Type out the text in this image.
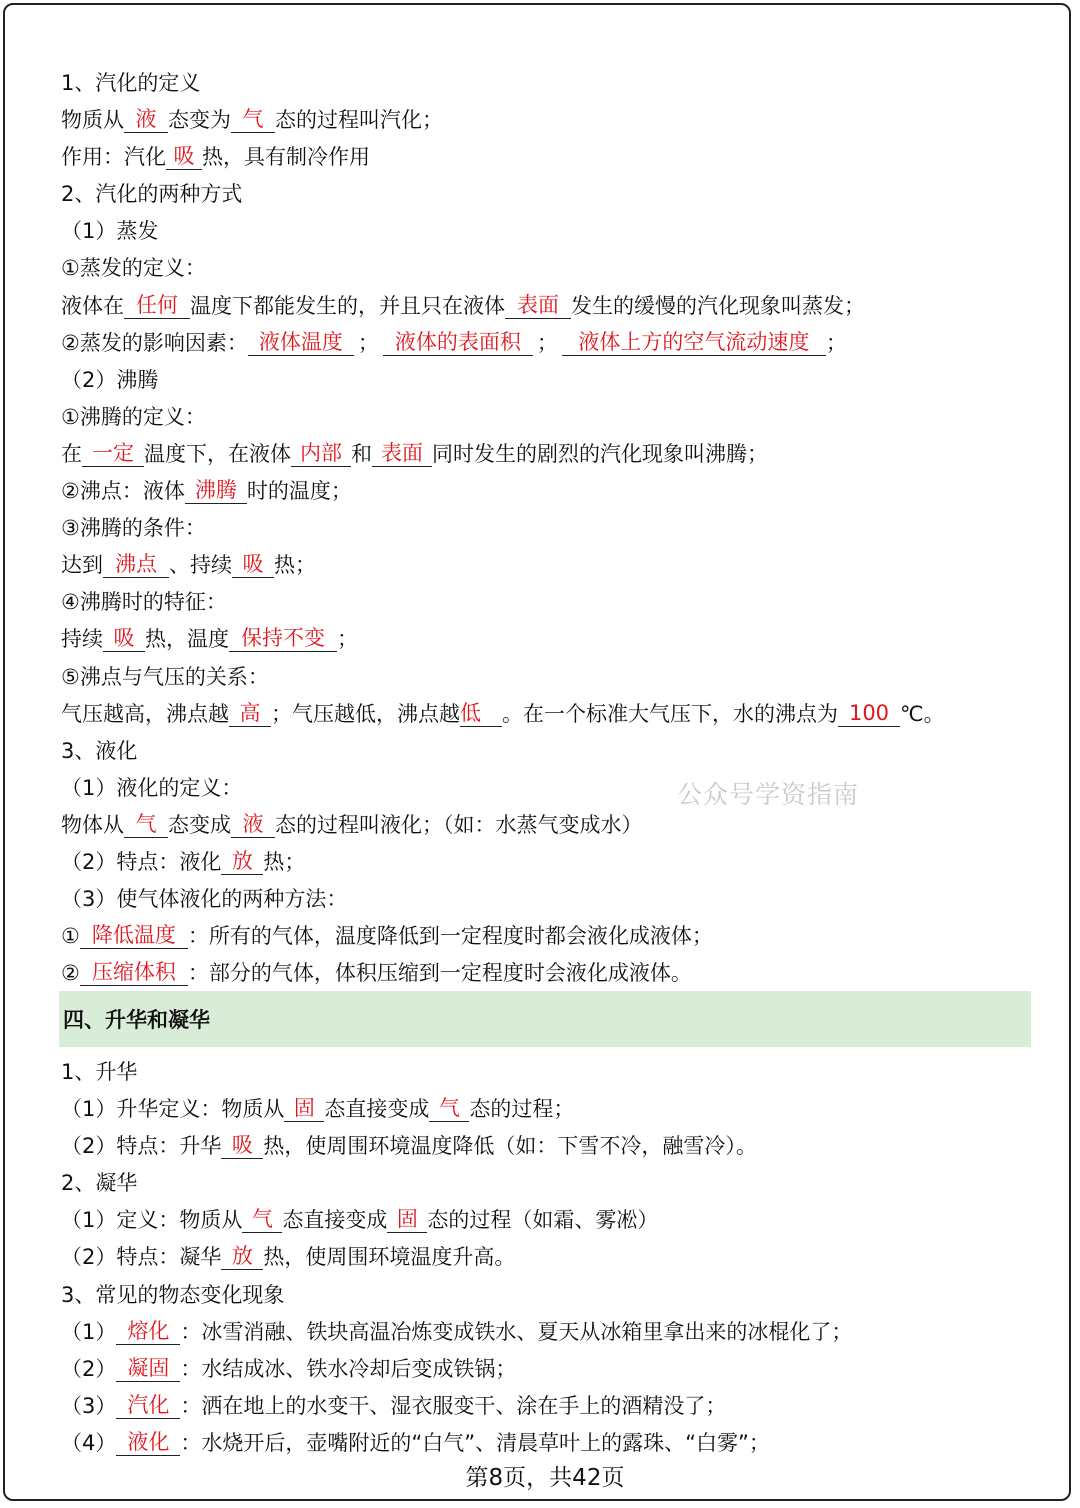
1、汽化的定义
物质从 液 态变为 气 态的过程叫汽化；
作用：汽化 吸 热，具有制冷作用
2、汽化的两种方式
（1）蒸发
①蒸发的定义：
液体在 任何 温度下都能发生的，并且只在液体 表面 发生的缓慢的汽化现象叫蒸发；
②蒸发的影响因素： 液体温度 ； 液体的表面积 ； 液体上方的空气流动速度 ；
（2）沸腾
①沸腾的定义：
在 一定 温度下，在液体 内部 和 表面 同时发生的剧烈的汽化现象叫沸腾；
②沸点：液体 沸腾 时的温度；
③沸腾的条件：
达到 沸点 、持续 吸 热；
④沸腾时的特征：
持续 吸 热，温度 保持不变 ；
⑤沸点与气压的关系：
气压越高，沸点越 高 ；气压越低，沸点越低 。在一个标准大气压下，水的沸点为 100 ℃。
3、液化
（1）液化的定义：
物体从 气 态变成 液 态的过程叫液化；（如：水蒸气变成水）
（2）特点：液化 放 热；
（3）使气体液化的两种方法：
① 降低温度 ：所有的气体，温度降低到一定程度时都会液化成液体；
② 压缩体积 ：部分的气体，体积压缩到一定程度时会液化成液体。
公众号学资指南
四、升华和凝华
1、升华
（1）升华定义：物质从 固 态直接变成 气 态的过程；
（2）特点：升华 吸 热，使周围环境温度降低（如：下雪不冷，融雪冷）。
2、凝华
（1）定义：物质从 气 态直接变成 固 态的过程（如霜、雾凇）
（2）特点：凝华 放 热，使周围环境温度升高。
3、常见的物态变化现象
（1） 熔化 ：冰雪消融、铁块高温冶炼变成铁水、夏天从冰箱里拿出来的冰棍化了；
（2） 凝固 ：水结成冰、铁水冷却后变成铁锅；
（3） 汽化 ：洒在地上的水变干、湿衣服变干、涂在手上的酒精没了；
（4） 液化 ：水烧开后，壶嘴附近的“白气”、清晨草叶上的露珠、“白雾”；
第8页，共42页
